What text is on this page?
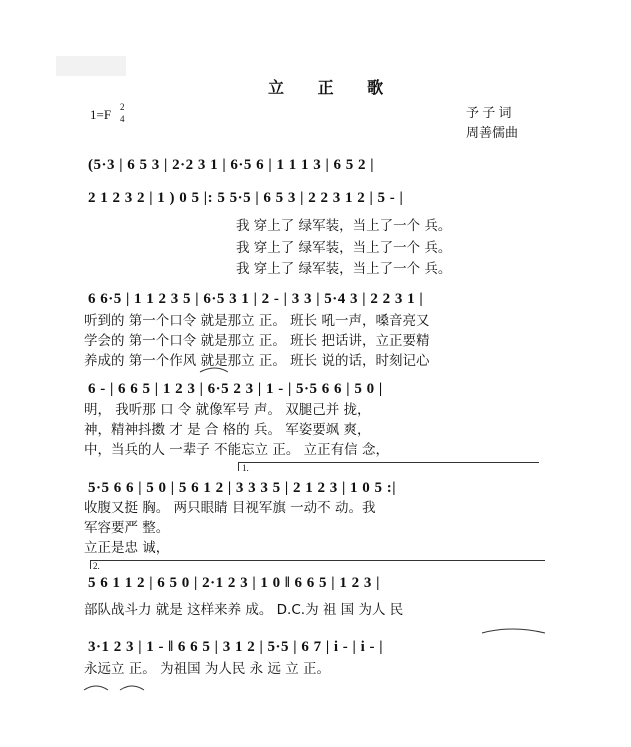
立 正 歌
1=F 2
4	予 子 词
周善儒曲
(5·3 | 6 5 3 | 2·2 3 1 | 6·5 6 | 1 1 1 3 | 6 5 2 |
2 1 2 3 2 | 1 ) 0 5 |: 5 5·5 | 6 5 3 | 2 2 3 1 2 | 5 - |
我 穿上了 绿军装，当上了一个 兵。
我 穿上了 绿军装，当上了一个 兵。
我 穿上了 绿军装，当上了一个 兵。
6 6·5 | 1 1 2 3 5 | 6·5 3 1 | 2 - | 3 3 | 5·4 3 | 2 2 3 1 |
听到的 第一个口令 就是那立 正。 班长 吼一声，嗓音亮又
学会的 第一个口令 就是那立 正。 班长 把话讲，立正要精
养成的 第一个作风 就是那立 正。 班长 说的话，时刻记心
6 - | 6 6 5 | 1 2 3 | 6·5 2 3 | 1 - | 5·5 6 6 | 5 0 |
明， 我听那 口 令 就像军号 声。 双腿己并 拢，
神，精神抖擞 才 是 合 格的 兵。 军姿要飒 爽，
中，当兵的人 一辈子 不能忘立 正。 立正有信 念，
1.
5·5 6 6 | 5 0 | 5 6 1 2 | 3 3 3 5 | 2 1 2 3 | 1 0 5 :|
收腹又挺 胸。 两只眼睛 目视军旗 一动不 动。我
军容要严 整。
立正是忠 诚，
2.
5 6 1 1 2 | 6 5 0 | 2·1 2 3 | 1 0 ‖ 6 6 5 | 1 2 3 |
部队战斗力 就是 这样来养 成。 D.C.为 祖 国 为人 民
3·1 2 3 | 1 - ‖ 6 6 5 | 3 1 2 | 5·5 | 6 7 | i - | i - |
永远立 正。 为祖国 为人民 永 远 立 正。
